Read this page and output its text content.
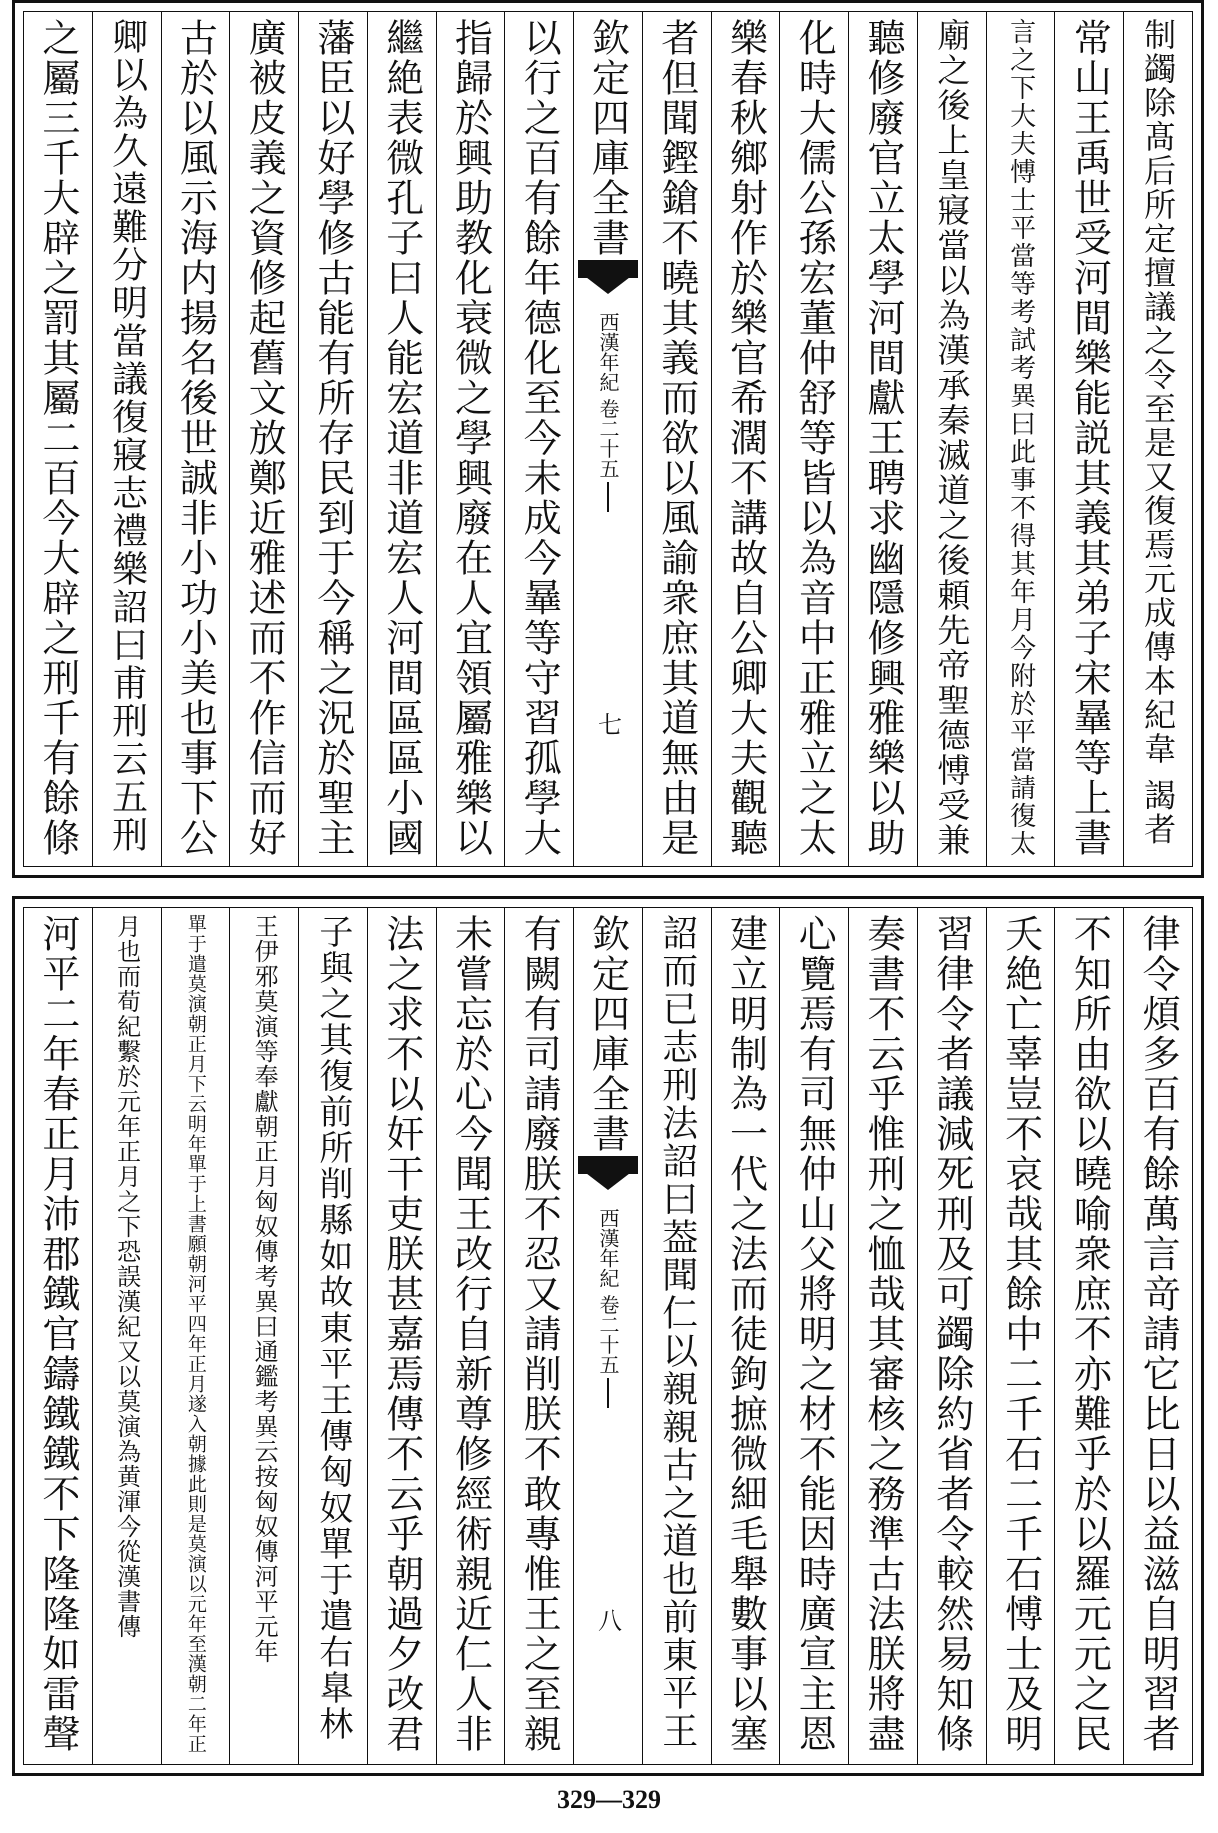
制蠲除髙后所定擅議之令至是又復焉元成傳本紀韋 謁者
常山王禹世受河間樂能説其義其弟子宋曅等上書
言之下大夫愽士平當等考試考異曰此事不得其年月今附於平當請復太
廟之後上皇寢當以為漢承秦滅道之後頼先帝聖德愽受兼
聽修廢官立太學河間獻王聘求幽隱修興雅樂以助
化時大儒公孫宏董仲舒等皆以為音中正雅立之太
樂春秋鄉射作於樂官希濶不講故自公卿大夫觀聽
者但聞鏗鎗不曉其義而欲以風諭衆庶其道無由是
欽定四庫全書
西漢年紀 卷二十五
七
以行之百有餘年德化至今未成今曅等守習孤學大
指歸於興助教化衰微之學興廢在人宜領屬雅樂以
繼絶表微孔子曰人能宏道非道宏人河間區區小國
藩臣以好學修古能有所存民到于今稱之況於聖主
廣被皮義之資修起舊文放鄭近雅述而不作信而好
古於以風示海内揚名後世誠非小功小美也事下公
卿以為久遠難分明當議復寢志禮樂詔曰甫刑云五刑
之屬三千大辟之罰其屬二百今大辟之刑千有餘條
律令煩多百有餘萬言竒請它比日以益滋自明習者
不知所由欲以曉喻衆庶不亦難乎於以羅元元之民
夭絶亡辜豈不哀哉其餘中二千石二千石愽士及明
習律令者議減死刑及可蠲除約省者令較然易知條
奏書不云乎惟刑之恤哉其審核之務準古法朕將盡
心覽焉有司無仲山父將明之材不能因時廣宣主恩
建立明制為一代之法而徒鉤摭微細毛舉數事以塞
詔而已志刑法詔曰葢聞仁以親親古之道也前東平王
欽定四庫全書
西漢年紀 卷二十五
八
有闕有司請廢朕不忍又請削朕不敢專惟王之至親
未嘗忘於心今聞王改行自新尊修經術親近仁人非
法之求不以奸干吏朕甚嘉焉傳不云乎朝過夕改君
子與之其復前所削縣如故東平王傳匈奴單于遣右臯林
王伊邪莫演等奉獻朝正月匈奴傳考異曰通鑑考異云按匈奴傳河平元年
單于遣莫演朝正月下云明年單于上書願朝河平四年正月遂入朝據此則是莫演以元年至漢朝二年正
月也而荀紀繫於元年正月之下恐誤漢紀又以莫演為黄渾今從漢書傳
河平二年春正月沛郡鐵官鑄鐵鐵不下隆隆如雷聲
329—329
